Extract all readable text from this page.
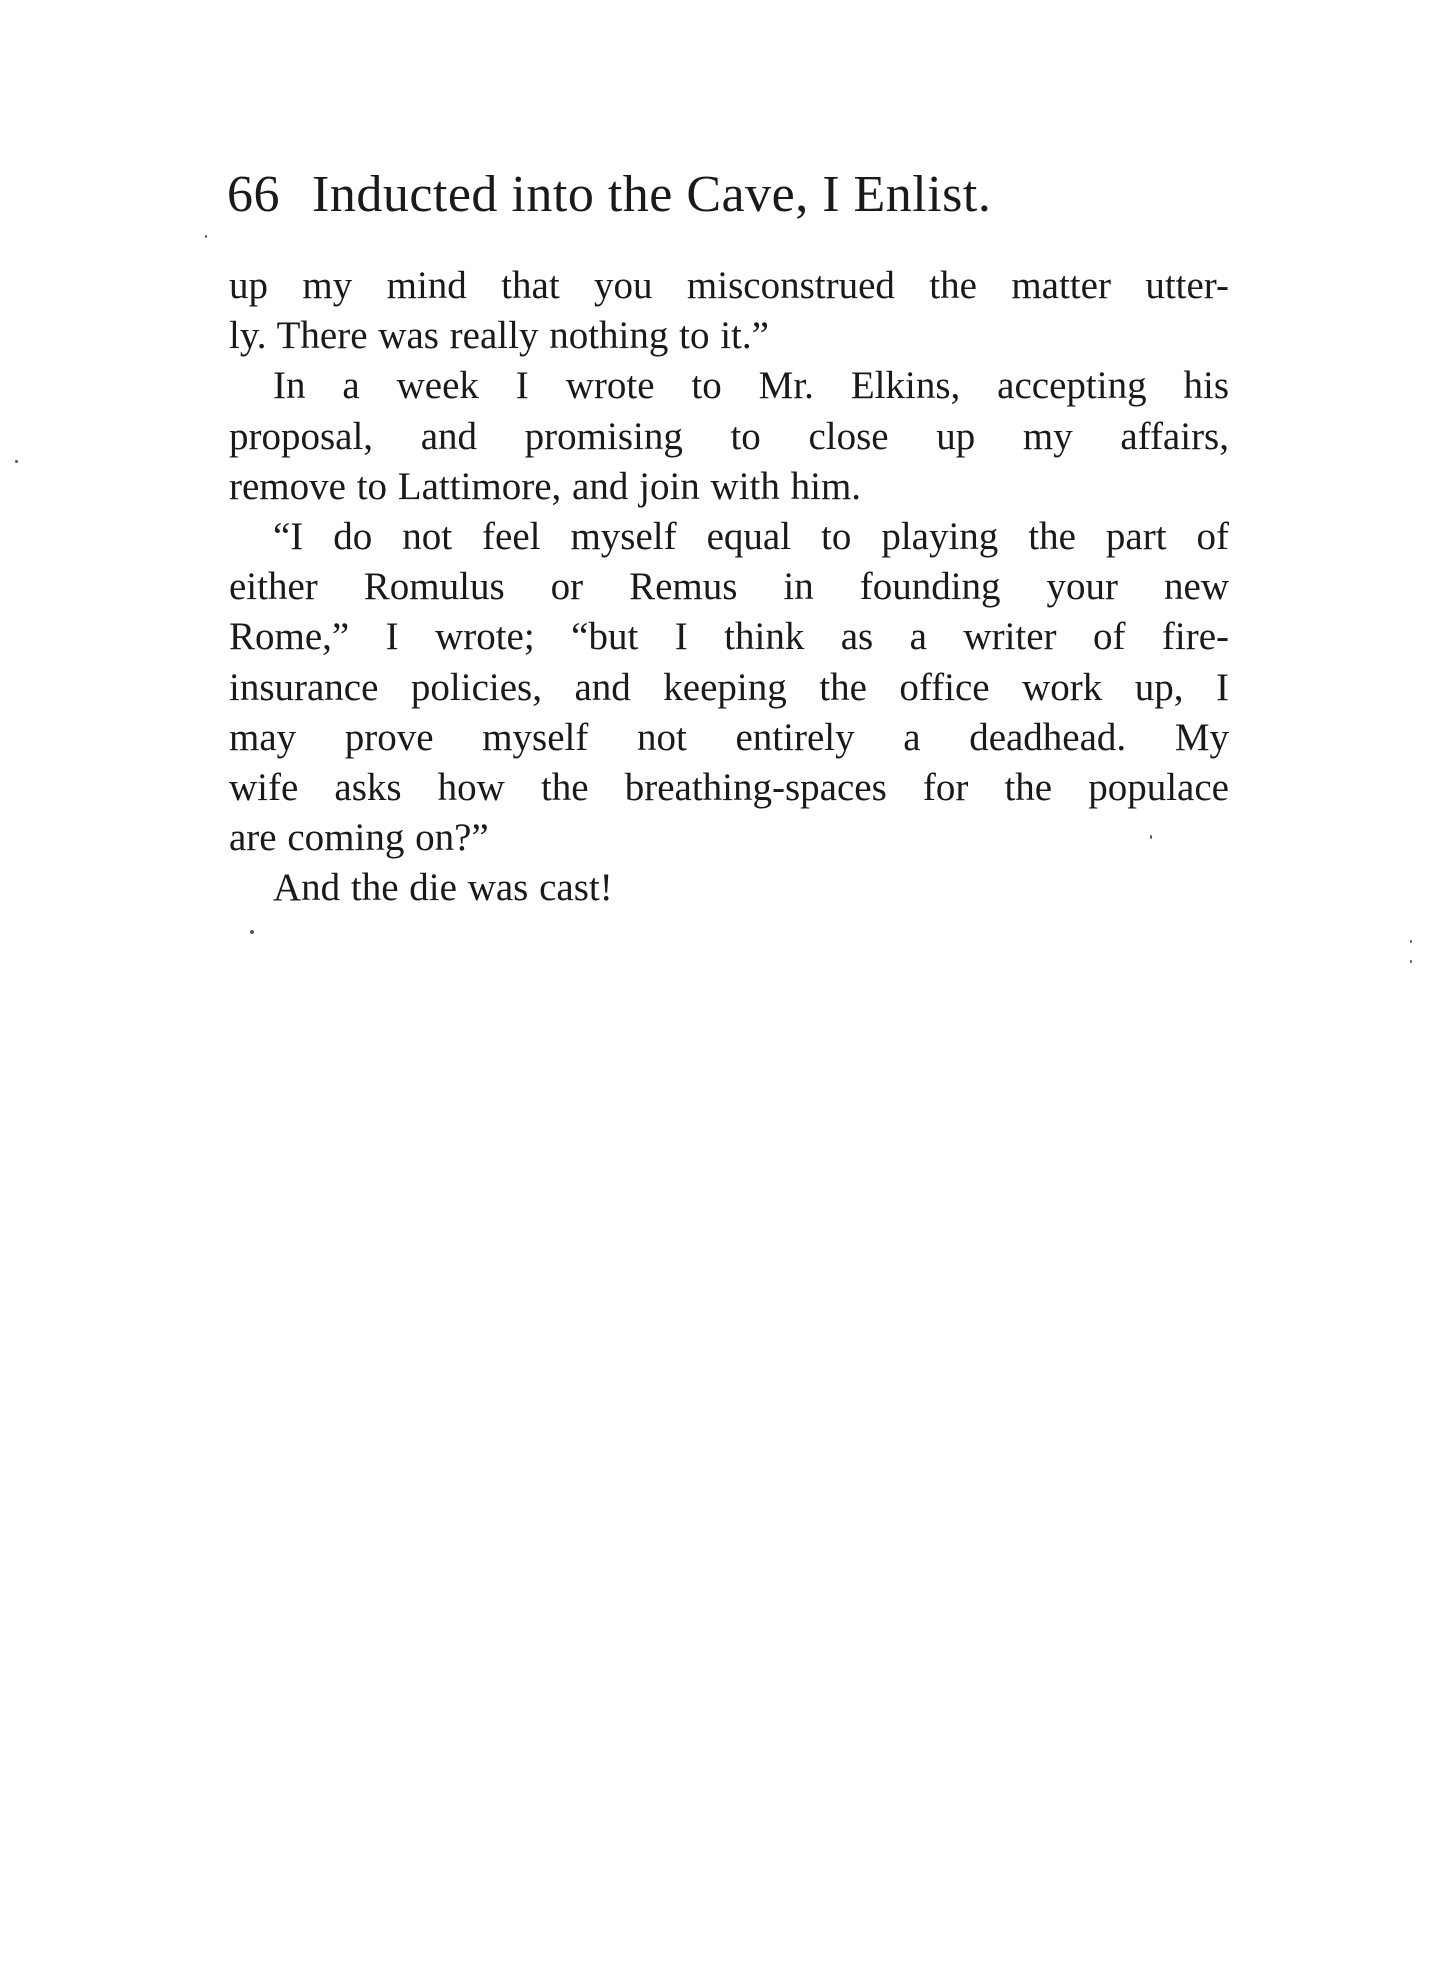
66 Inducted into the Cave, I Enlist.
up my mind that you misconstrued the matter utter-
ly. There was really nothing to it.”
In a week I wrote to Mr. Elkins, accepting his
proposal, and promising to close up my affairs,
remove to Lattimore, and join with him.
“I do not feel myself equal to playing the part of
either Romulus or Remus in founding your new
Rome,” I wrote; “but I think as a writer of fire-
insurance policies, and keeping the office work up, I
may prove myself not entirely a deadhead. My
wife asks how the breathing-spaces for the populace
are coming on?”
And the die was cast!
